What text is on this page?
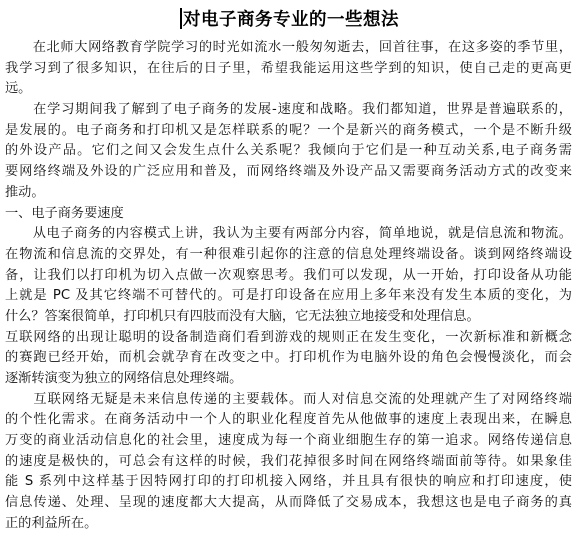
对电子商务专业的一些想法
　　在北师大网络教育学院学习的时光如流水一般匆匆逝去，回首往事，在这多姿的季节里，
我学习到了很多知识，在往后的日子里，希望我能运用这些学到的知识，使自己走的更高更
远。
　　在学习期间我了解到了电子商务的发展-速度和战略。我们都知道，世界是普遍联系的，
是发展的。电子商务和打印机又是怎样联系的呢？一个是新兴的商务模式，一个是不断升级
的外设产品。它们之间又会发生点什么关系呢？我倾向于它们是一种互动关系,电子商务需
要网络终端及外设的广泛应用和普及，而网络终端及外设产品又需要商务活动方式的改变来
推动。
一、电子商务要速度
　　从电子商务的内容模式上讲，我认为主要有两部分内容，简单地说，就是信息流和物流。
在物流和信息流的交界处，有一种很难引起你的注意的信息处理终端设备。谈到网络终端设
备，让我们以打印机为切入点做一次观察思考。我们可以发现，从一开始，打印设备从功能
上就是 PC 及其它终端不可替代的。可是打印设备在应用上多年来没有发生本质的变化，为
什么？答案很简单，打印机只有四肢而没有大脑，它无法独立地接受和处理信息。
互联网络的出现让聪明的设备制造商们看到游戏的规则正在发生变化，一次新标准和新概念
的赛跑已经开始，而机会就孕育在改变之中。打印机作为电脑外设的角色会慢慢淡化，而会
逐渐转演变为独立的网络信息处理终端。
　　互联网络无疑是未来信息传递的主要载体。而人对信息交流的处理就产生了对网络终端
的个性化需求。在商务活动中一个人的职业化程度首先从他做事的速度上表现出来，在瞬息
万变的商业活动信息化的社会里，速度成为每一个商业细胞生存的第一追求。网络传递信息
的速度是极快的，可总会有这样的时候，我们花掉很多时间在网络终端面前等待。如果象佳
能 S 系列中这样基于因特网打印的打印机接入网络，并且具有很快的响应和打印速度，使
信息传递、处理、呈现的速度都大大提高，从而降低了交易成本，我想这也是电子商务的真
正的利益所在。
